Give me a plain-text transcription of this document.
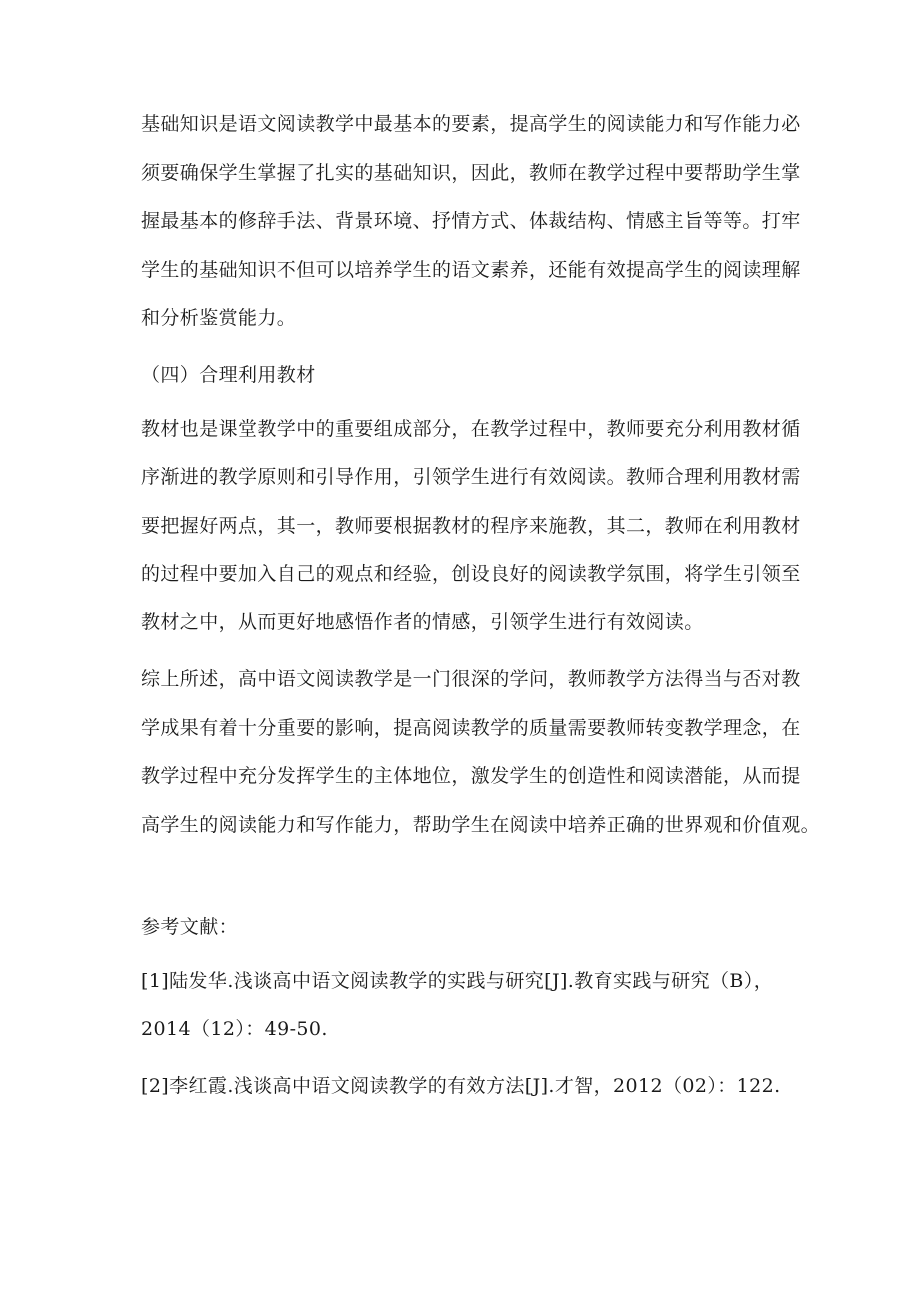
基础知识是语文阅读教学中最基本的要素，提高学生的阅读能力和写作能力必
须要确保学生掌握了扎实的基础知识，因此，教师在教学过程中要帮助学生掌
握最基本的修辞手法、背景环境、抒情方式、体裁结构、情感主旨等等。打牢
学生的基础知识不但可以培养学生的语文素养，还能有效提高学生的阅读理解
和分析鉴赏能力。
（四）合理利用教材
教材也是课堂教学中的重要组成部分，在教学过程中，教师要充分利用教材循
序渐进的教学原则和引导作用，引领学生进行有效阅读。教师合理利用教材需
要把握好两点，其一，教师要根据教材的程序来施教，其二，教师在利用教材
的过程中要加入自己的观点和经验，创设良好的阅读教学氛围，将学生引领至
教材之中，从而更好地感悟作者的情感，引领学生进行有效阅读。
综上所述，高中语文阅读教学是一门很深的学问，教师教学方法得当与否对教
学成果有着十分重要的影响，提高阅读教学的质量需要教师转变教学理念，在
教学过程中充分发挥学生的主体地位，激发学生的创造性和阅读潜能，从而提
高学生的阅读能力和写作能力，帮助学生在阅读中培养正确的世界观和价值观。
参考文献：
[1]陆发华.浅谈高中语文阅读教学的实践与研究[J].教育实践与研究（B），
2014（12）：49-50.
[2]李红霞.浅谈高中语文阅读教学的有效方法[J].才智，2012（02）：122.
